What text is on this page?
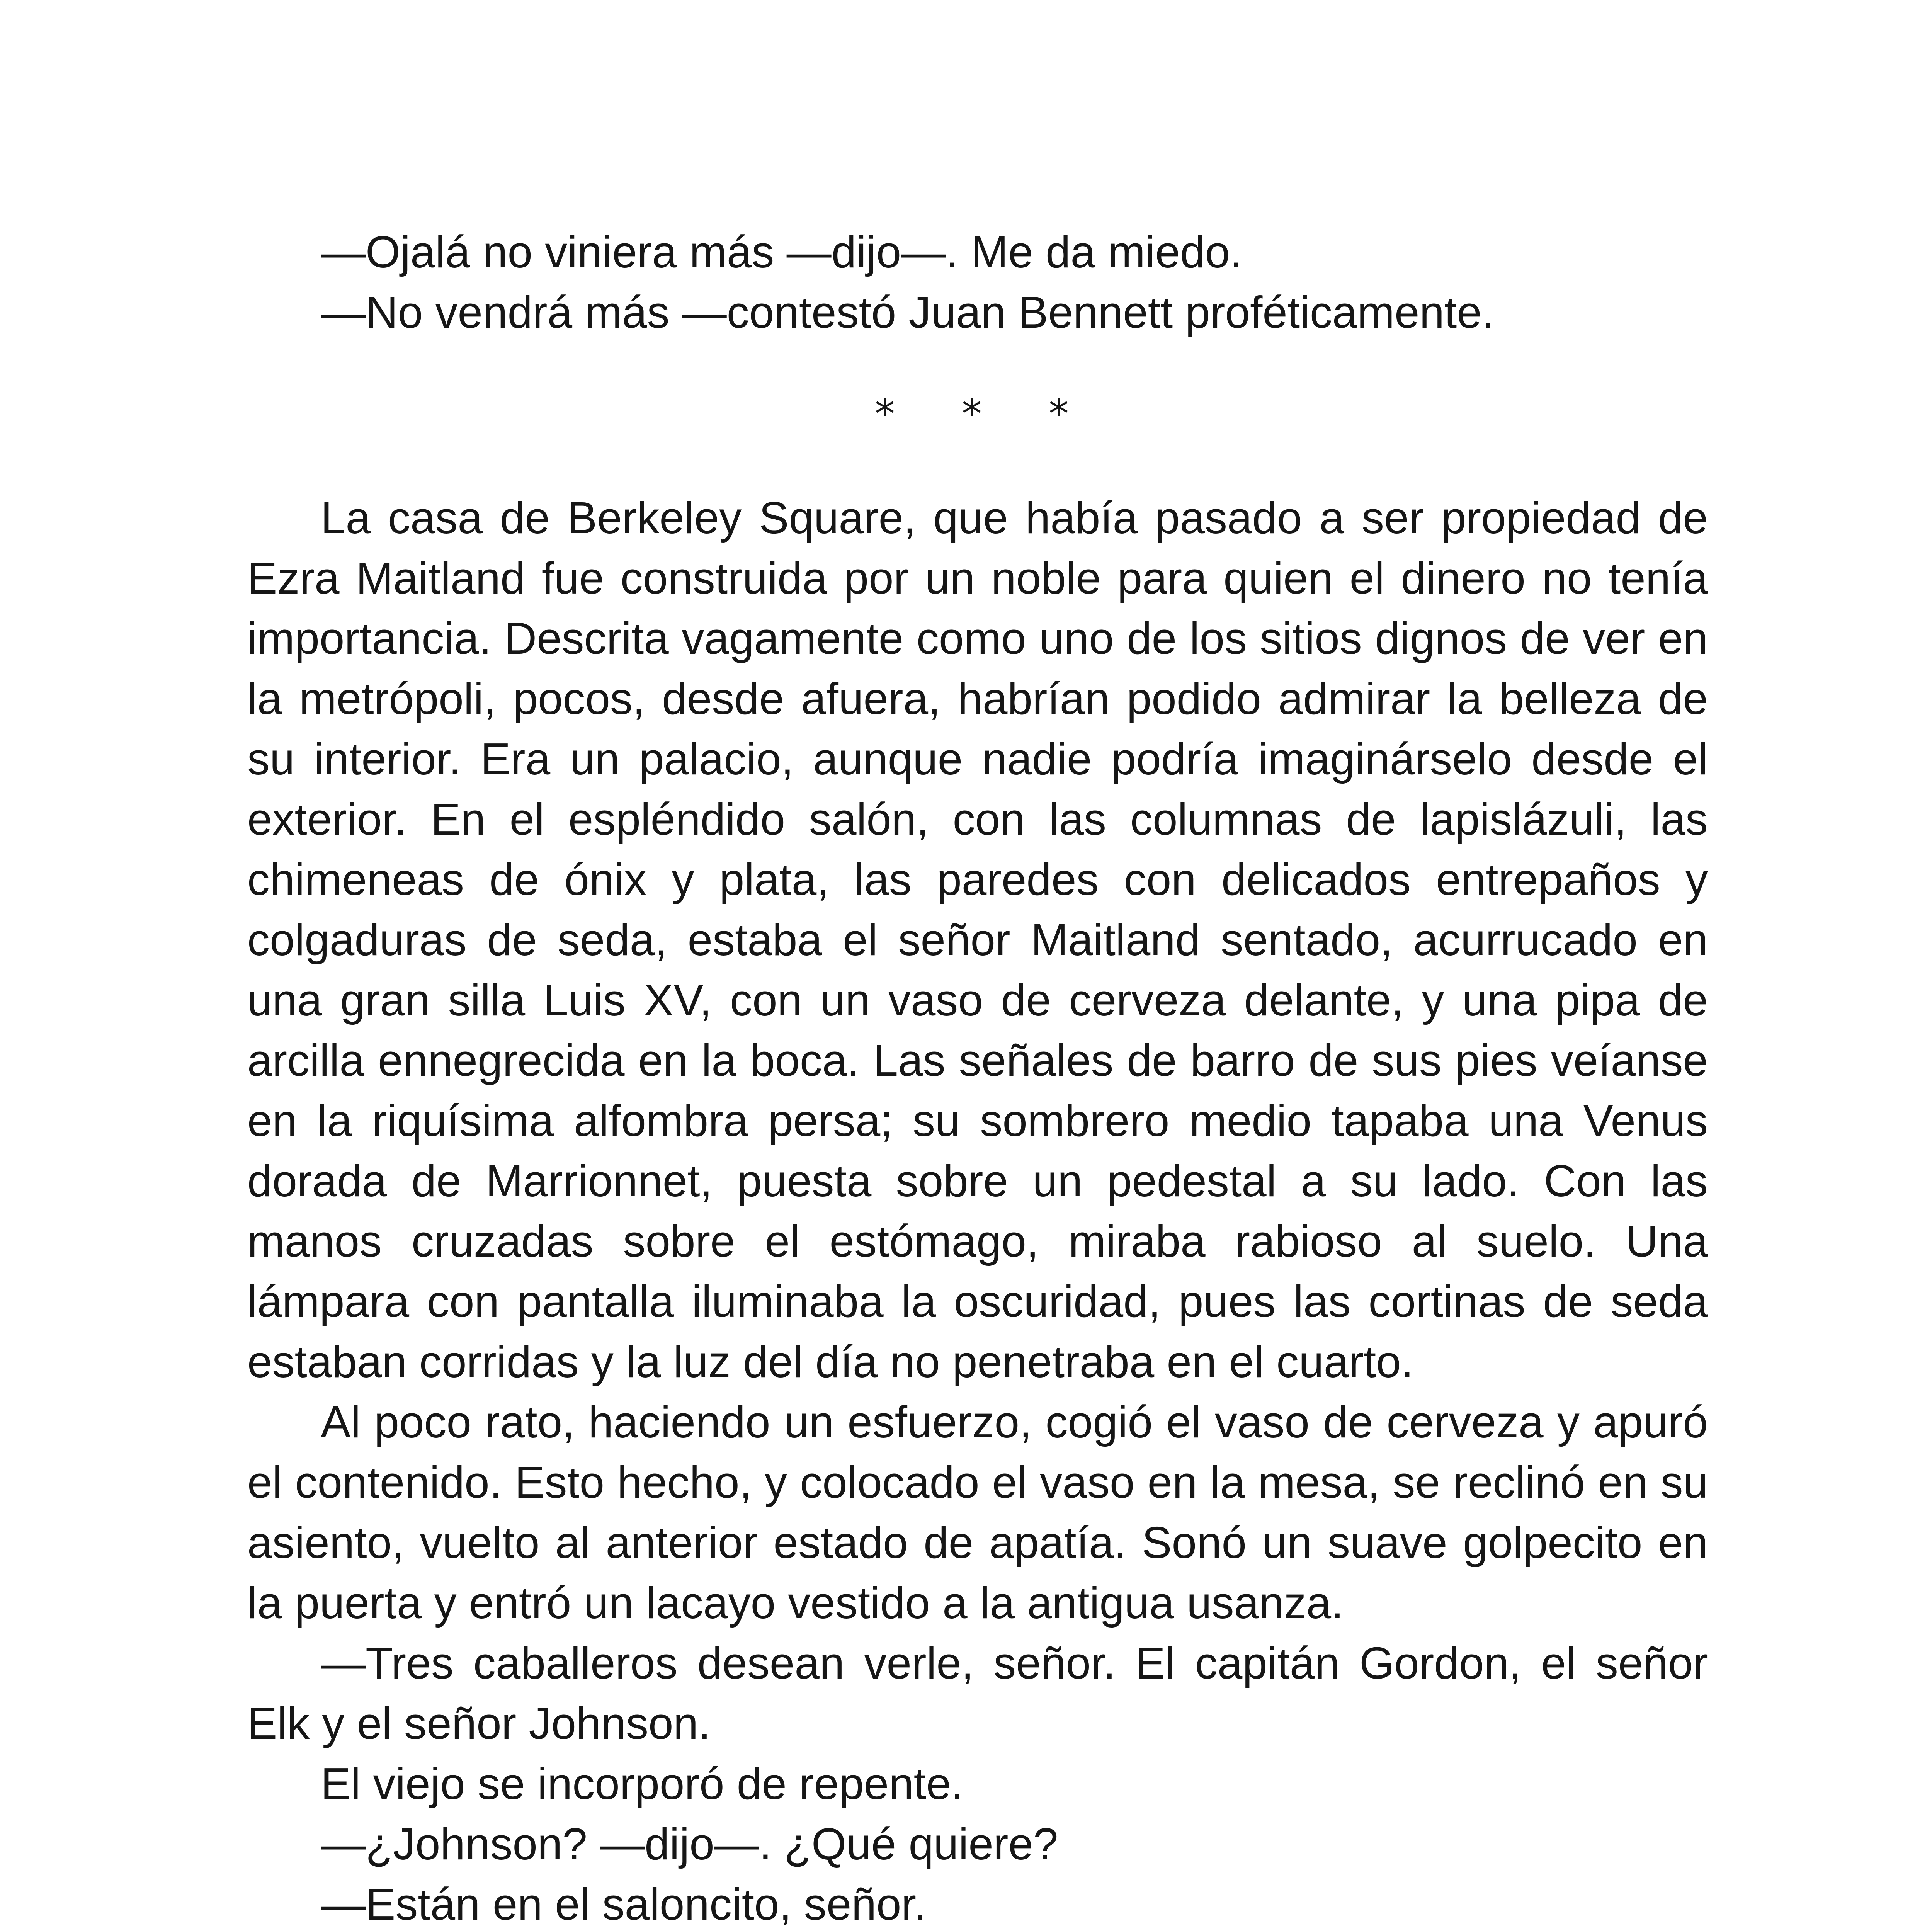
—Ojalá no viniera más —dijo—. Me da miedo.

—No vendrá más —contestó Juan Bennett proféticamente.

* * *

La casa de Berkeley Square, que había pasado a ser propiedad de Ezra Maitland fue construida por un noble para quien el dinero no tenía importancia. Descrita vagamente como uno de los sitios dignos de ver en la metrópoli, pocos, desde afuera, habrían podido admirar la belleza de su interior. Era un palacio, aunque nadie podría imaginárselo desde el exterior. En el espléndido salón, con las columnas de lapislázuli, las chimeneas de ónix y plata, las paredes con delicados entrepaños y colgaduras de seda, estaba el señor Maitland sentado, acurrucado en una gran silla Luis XV, con un vaso de cerveza delante, y una pipa de arcilla ennegrecida en la boca. Las señales de barro de sus pies veíanse en la riquísima alfombra persa; su sombrero medio tapaba una Venus dorada de Marrionnet, puesta sobre un pedestal a su lado. Con las manos cruzadas sobre el estómago, miraba rabioso al suelo. Una lámpara con pantalla iluminaba la oscuridad, pues las cortinas de seda estaban corridas y la luz del día no penetraba en el cuarto.

Al poco rato, haciendo un esfuerzo, cogió el vaso de cerveza y apuró el contenido. Esto hecho, y colocado el vaso en la mesa, se reclinó en su asiento, vuelto al anterior estado de apatía. Sonó un suave golpecito en la puerta y entró un lacayo vestido a la antigua usanza.

—Tres caballeros desean verle, señor. El capitán Gordon, el señor Elk y el señor Johnson.

El viejo se incorporó de repente.

—¿Johnson? —dijo—. ¿Qué quiere?

—Están en el saloncito, señor.
